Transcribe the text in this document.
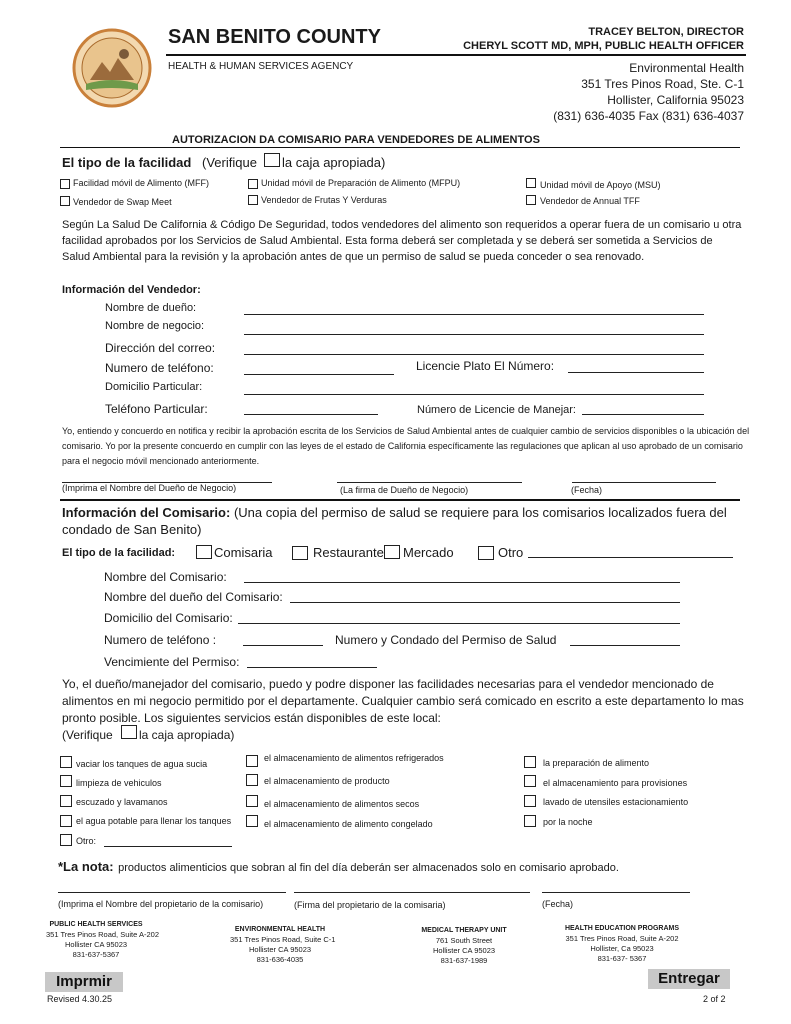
SAN BENITO COUNTY
HEALTH & HUMAN SERVICES AGENCY
TRACEY BELTON, DIRECTOR
CHERYL SCOTT MD, MPH, PUBLIC HEALTH OFFICER
Environmental Health
351 Tres Pinos Road, Ste. C-1
Hollister, California 95023
(831) 636-4035 Fax (831) 636-4037
AUTORIZACION DA COMISARIO PARA VENDEDORES DE ALIMENTOS
El tipo de la facilidad (Verifique la caja apropiada)
Facilidad móvil de Alimento (MFF)	Unidad móvil de Preparación de Alimento (MFPU)	Unidad móvil de Apoyo (MSU)
Vendedor de Swap Meet	Vendedor de Frutas Y Verduras	Vendedor de Annual TFF
Según La Salud De California & Código De Seguridad, todos vendedores del alimento son requeridos a operar fuera de un comisario u otra facilidad aprobados por los Servicios de Salud Ambiental. Esta forma deberá ser completada y se deberá ser sometida a Servicios de Salud Ambiental para la revisión y la aprobación antes de que un permiso de salud se pueda conceder o sea renovado.
Información del Vendedor:
Nombre de dueño:
Nombre de negocio:
Dirección del correo:
Numero de teléfono:	Licencie Plato El Número:
Domicilio Particular:
Teléfono Particular:	Número de Licencie de Manejar:
Yo, entiendo y concuerdo en notifica y recibir la aprobación escrita de los Servicios de Salud Ambiental antes de cualquier cambio de servicios disponibles o la ubicación del comisario. Yo por la presente concuerdo en cumplir con las leyes de el estado de California específicamente las regulaciones que aplican al uso aprobado de un comisario para el negocio móvil mencionado anteriormente.
(Imprima el Nombre del Dueño de Negocio)	(La firma de Dueño de Negocio)	(Fecha)
Información del Comisario: (Una copia del permiso de salud se requiere para los comisarios localizados fuera del condado de San Benito)
El tipo de la facilidad:	Comisaria	Restaurante Mercado	Otro
Nombre del Comisario:
Nombre del dueño del Comisario:
Domicilio del Comisario:
Numero de teléfono :	Numero y Condado del Permiso de Salud
Vencimiente del Permiso:
Yo, el dueño/manejador del comisario, puedo y podre disponer las facilidades necesarias para el vendedor mencionado de alimentos en mi negocio permitido por el departamente. Cualquier cambio será comicado en escrito a este departamento lo mas pronto posible. Los siguientes servicios están disponibles de este local:
(Verifique la caja apropiada)
vaciar los tanques de agua sucia
limpieza de vehiculos
escuzado y lavamanos
el agua potable para llenar los tanques
Otro:
el almacenamiento de alimentos refrigerados
el almacenamiento de producto
el almacenamiento de alimentos secos
el almacenamiento de alimento congelado
la preparación de alimento
el almacenamiento para provisiones
lavado de utensiles estacionamiento
por la noche
*La nota: productos alimenticios que sobran al fin del día deberán ser almacenados solo en comisario aprobado.
(Imprima el Nombre del propietario de la comisario)	(Firma del propietario de la comisaria)	(Fecha)
PUBLIC HEALTH SERVICES
351 Tres Pinos Road, Suite A-202
Hollister CA 95023
831-637-5367
ENVIRONMENTAL HEALTH
351 Tres Pinos Road, Suite C-1
Hollister CA 95023
831-636-4035
MEDICAL THERAPY UNIT
761 South Street
Hollister CA 95023
831-637-1989
HEALTH EDUCATION PROGRAMS
351 Tres Pinos Road, Suite A-202
Hollister, Ca 95023
831-637- 5367
Imprmir	Entregar
Revised 4.30.25	2 of 2
